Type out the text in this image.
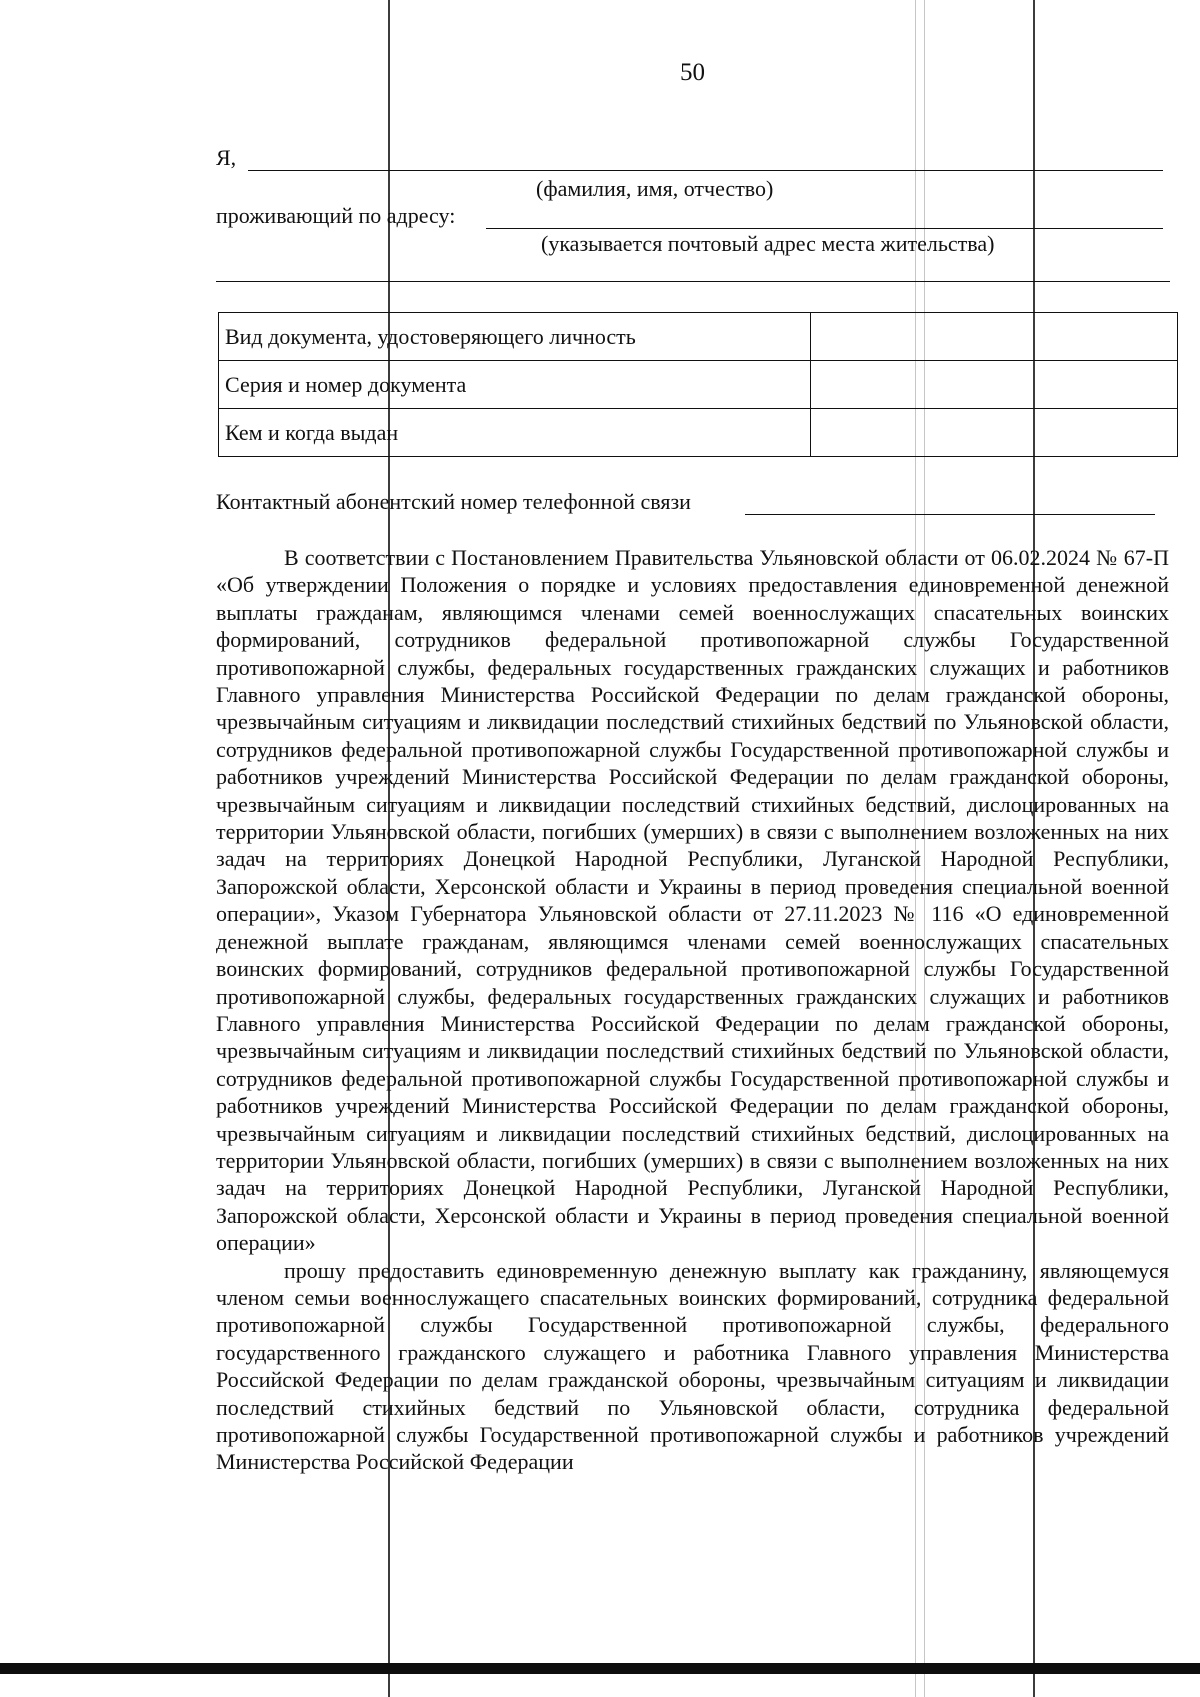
50
Я,
(фамилия, имя, отчество)
проживающий по адресу:
(указывается почтовый адрес места жительства)
Вид документа, удостоверяющего личность	
Серия и номер документа	
Кем и когда выдан	
Контактный абонентский номер телефонной связи

В соответствии с Постановлением Правительства Ульяновской области от 06.02.2024 № 67-П «Об утверждении Положения о порядке и условиях предоставления единовременной денежной выплаты гражданам, являющимся членами семей военнослужащих спасательных воинских формирований, сотрудников федеральной противопожарной службы Государственной противопожарной службы, федеральных государственных гражданских служащих и работников Главного управления Министерства Российской Федерации по делам гражданской обороны, чрезвычайным ситуациям и ликвидации последствий стихийных бедствий по Ульяновской области, сотрудников федеральной противопожарной службы Государственной противопожарной службы и работников учреждений Министерства Российской Федерации по делам гражданской обороны, чрезвычайным ситуациям и ликвидации последствий стихийных бедствий, дислоцированных на территории Ульяновской области, погибших (умерших) в связи с выполнением возложенных на них задач на территориях Донецкой Народной Республики, Луганской Народной Республики, Запорожской области, Херсонской области и Украины в период проведения специальной военной операции», Указом Губернатора Ульяновской области от 27.11.2023 № 116 «О единовременной денежной выплате гражданам, являющимся членами семей военнослужащих спасательных воинских формирований, сотрудников федеральной противопожарной службы Государственной противопожарной службы, федеральных государственных гражданских служащих и работников Главного управления Министерства Российской Федерации по делам гражданской обороны, чрезвычайным ситуациям и ликвидации последствий стихийных бедствий по Ульяновской области, сотрудников федеральной противопожарной службы Государственной противопожарной службы и работников учреждений Министерства Российской Федерации по делам гражданской обороны, чрезвычайным ситуациям и ликвидации последствий стихийных бедствий, дислоцированных на территории Ульяновской области, погибших (умерших) в связи с выполнением возложенных на них задач на территориях Донецкой Народной Республики, Луганской Народной Республики, Запорожской области, Херсонской области и Украины в период проведения специальной военной операции»

прошу предоставить единовременную денежную выплату как гражданину, являющемуся членом семьи военнослужащего спасательных воинских формирований, сотрудника федеральной противопожарной службы Государственной противопожарной службы, федерального государственного гражданского служащего и работника Главного управления Министерства Российской Федерации по делам гражданской обороны, чрезвычайным ситуациям и ликвидации последствий стихийных бедствий по Ульяновской области, сотрудника федеральной противопожарной службы Государственной противопожарной службы и работников учреждений Министерства Российской Федерации
